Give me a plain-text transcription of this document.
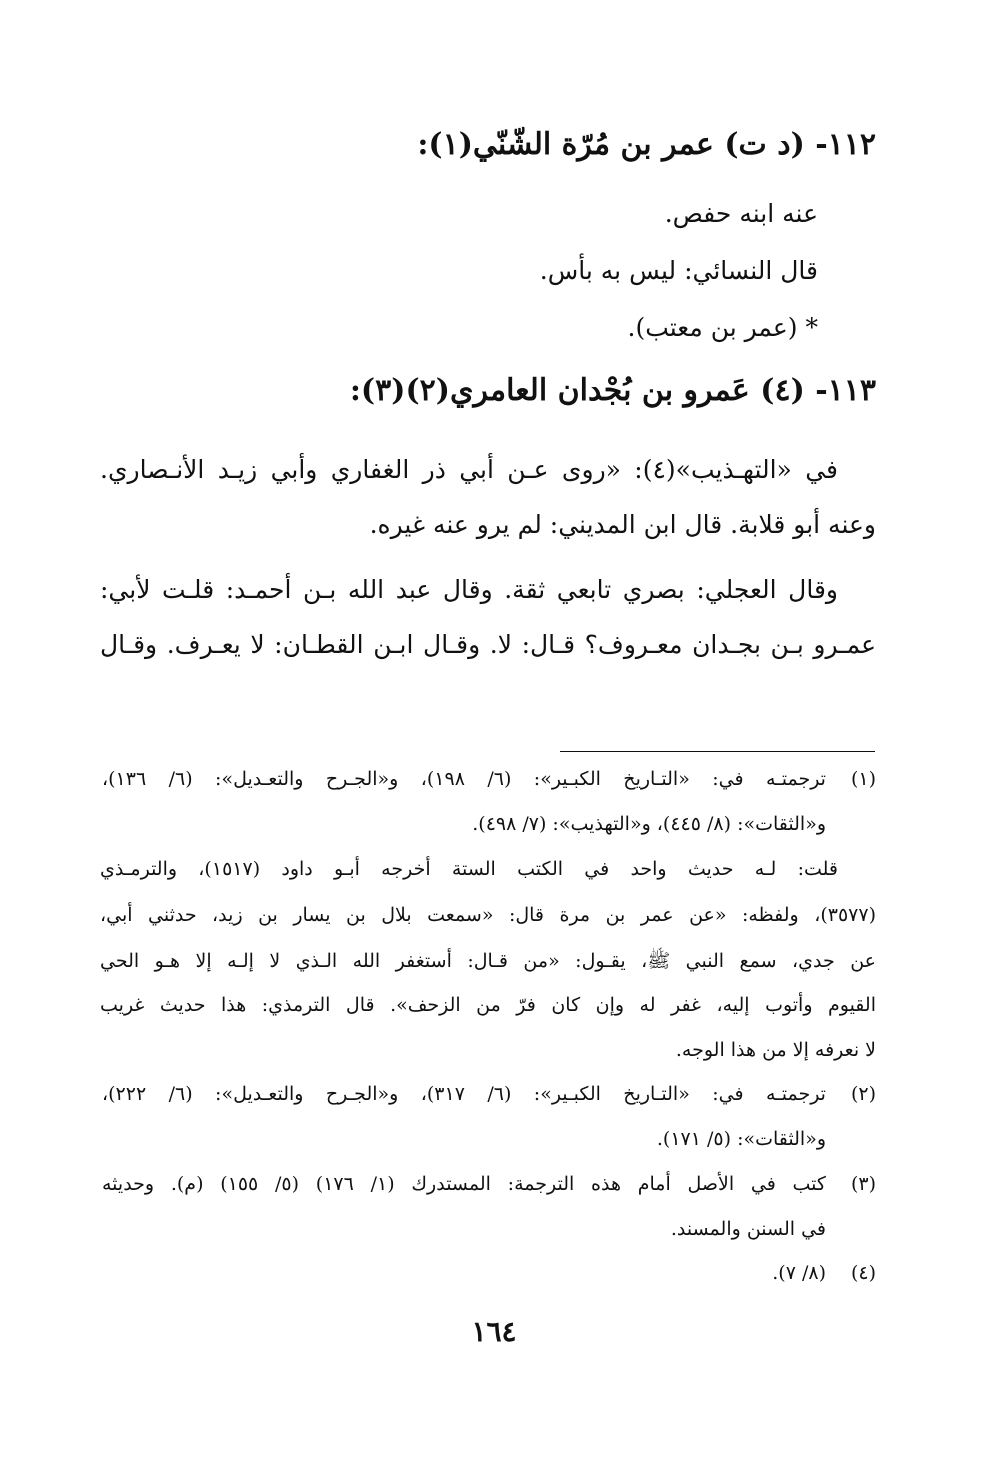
١١٢- (د ت) عمر بن مُرّة الشّنّي(١):
عنه ابنه حفص.
قال النسائي: ليس به بأس.
* (عمر بن معتب).
١١٣- (٤) عَمرو بن بُجْدان العامري(٢)(٣):
في «التهـذيب»(٤): «روى عـن أبي ذر الغفاري وأبي زيـد الأنـصاري.
وعنه أبو قلابة. قال ابن المديني: لم يرو عنه غيره.
وقال العجلي: بصري تابعي ثقة. وقال عبد الله بـن أحمـد: قلـت لأبي:
عمـرو بـن بجـدان معـروف؟ قـال: لا. وقـال ابـن القطـان: لا يعـرف. وقـال
(١)
ترجمتـه في: «التـاريخ الكبـير»: (٦/ ١٩٨)، و«الجـرح والتعـديل»: (٦/ ١٣٦)،
و«الثقات»: (٨/ ٤٤٥)، و«التهذيب»: (٧/ ٤٩٨).
قلت: لـه حديث واحد في الكتب الستة أخرجه أبـو داود (١٥١٧)، والترمـذي
(٣٥٧٧)، ولفظه: «عن عمر بن مرة قال: «سمعت بلال بن يسار بن زيد، حدثني أبي،
عن جدي، سمع النبي ﷺ، يقـول: «من قـال: أستغفر الله الـذي لا إلـه إلا هـو الحي
القيوم وأتوب إليه، غفر له وإن كان فرّ من الزحف». قال الترمذي: هذا حديث غريب
لا نعرفه إلا من هذا الوجه.
(٢)
ترجمتـه في: «التـاريخ الكبـير»: (٦/ ٣١٧)، و«الجـرح والتعـديل»: (٦/ ٢٢٢)،
و«الثقات»: (٥/ ١٧١).
(٣)
كتب في الأصل أمام هذه الترجمة: المستدرك (١/ ١٧٦) (٥/ ١٥٥) (م). وحديثه
في السنن والمسند.
(٤)
(٨/ ٧).
١٦٤
